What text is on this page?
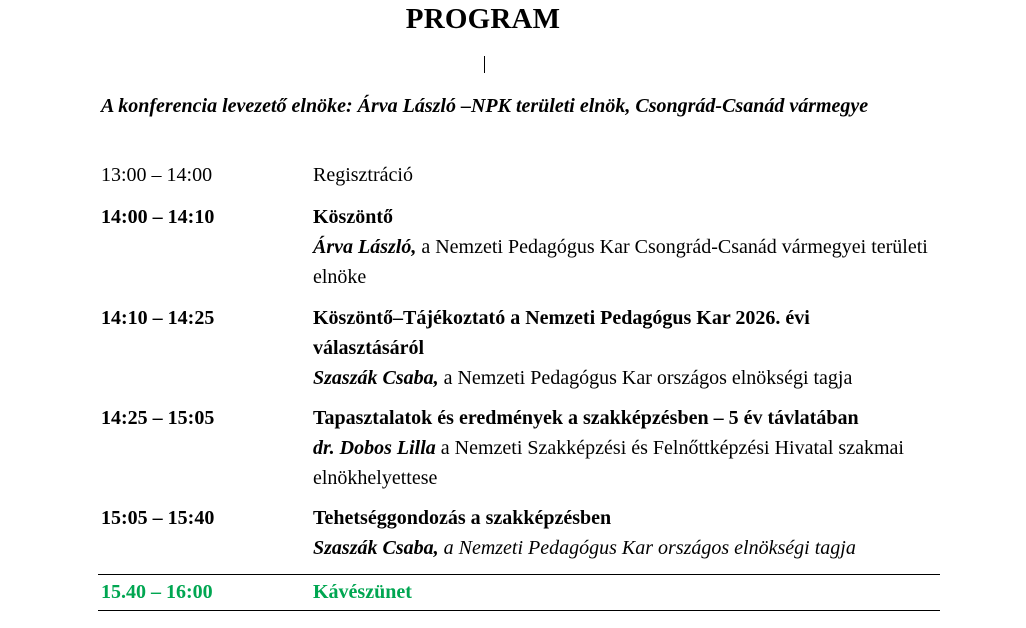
PROGRAM
A konferencia levezető elnöke: Árva László –NPK területi elnök, Csongrád-Csanád vármegye
13:00 – 14:00	Regisztráció
14:00 – 14:10	Köszöntő
Árva László, a Nemzeti Pedagógus Kar Csongrád-Csanád vármegyei területi elnöke
14:10 – 14:25	Köszöntő–Tájékoztató a Nemzeti Pedagógus Kar 2026. évi választásáról
Szaszák Csaba, a Nemzeti Pedagógus Kar országos elnökségi tagja
14:25 – 15:05	Tapasztalatok és eredmények a szakképzésben – 5 év távlatában
dr. Dobos Lilla a Nemzeti Szakképzési és Felnőttképzési Hivatal szakmai elnökhelyettese
15:05 – 15:40	Tehetséggondozás a szakképzésben
Szaszák Csaba, a Nemzeti Pedagógus Kar országos elnökségi tagja
15.40 – 16:00	Kávészünet
